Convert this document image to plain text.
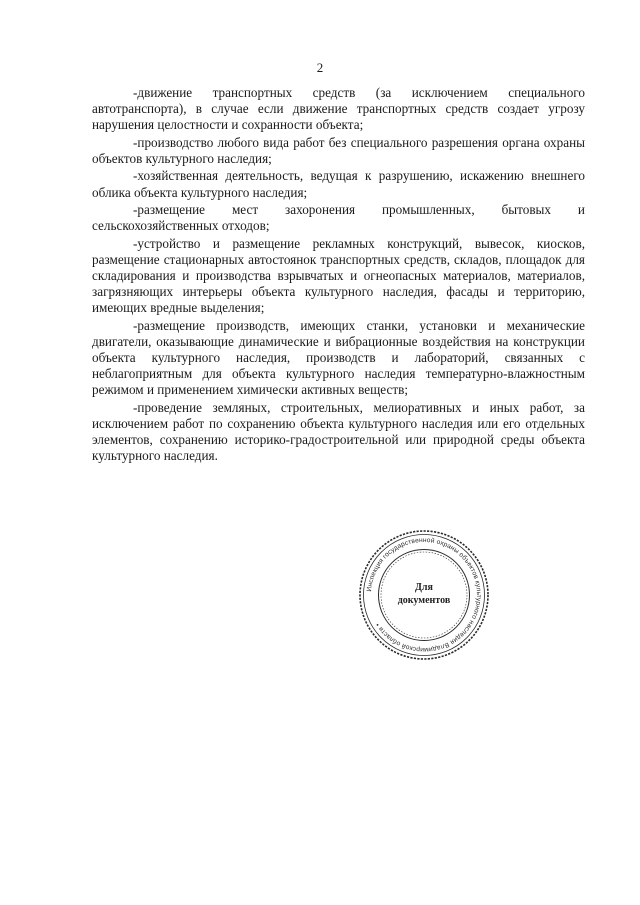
2

-движение транспортных средств (за исключением специального автотранспорта), в случае если движение транспортных средств создает угрозу нарушения целостности и сохранности объекта;

-производство любого вида работ без специального разрешения органа охраны объектов культурного наследия;

-хозяйственная деятельность, ведущая к разрушению, искажению внешнего облика объекта культурного наследия;

-размещение мест захоронения промышленных, бытовых и сельскохозяйственных отходов;

-устройство и размещение рекламных конструкций, вывесок, киосков, размещение стационарных автостоянок транспортных средств, складов, площадок для складирования и производства взрывчатых и огнеопасных материалов, материалов, загрязняющих интерьеры объекта культурного наследия, фасады и территорию, имеющих вредные выделения;

-размещение производств, имеющих станки, установки и механические двигатели, оказывающие динамические и вибрационные воздействия на конструкции объекта культурного наследия, производств и лабораторий, связанных с неблагоприятным для объекта культурного наследия температурно-влажностным режимом и применением химически активных веществ;

-проведение земляных, строительных, мелиоративных и иных работ, за исключением работ по сохранению объекта культурного наследия или его отдельных элементов, сохранению историко-градостроительной или природной среды объекта культурного наследия.

Инспекция государственной охраны объектов культурного наследия Владимирской области •
Для
документов
